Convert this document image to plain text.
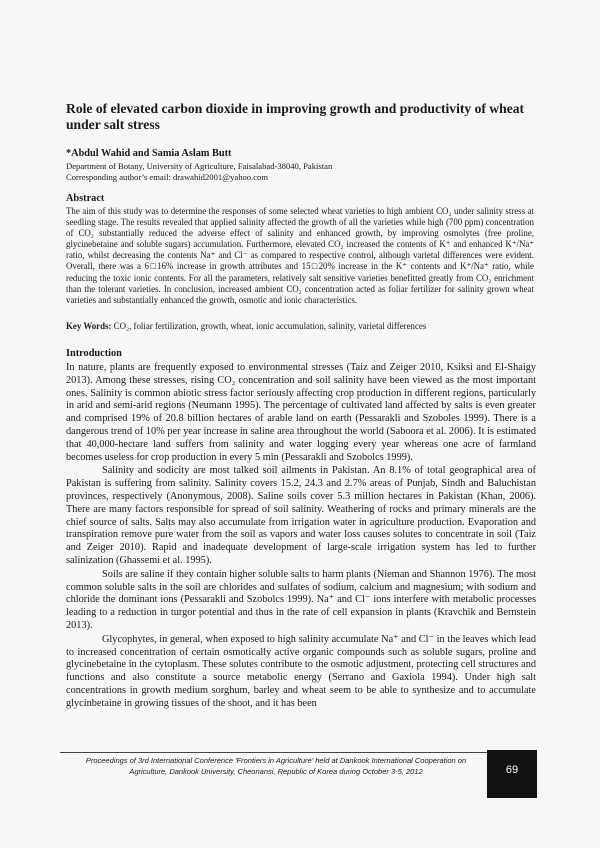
Role of elevated carbon dioxide in improving growth and productivity of wheat under salt stress
*Abdul Wahid and Samia Aslam Butt
Department of Botany, University of Agriculture, Faisalabad-38040, Pakistan
Corresponding author’s email: drawahid2001@yahoo.com
Abstract
The aim of this study was to determine the responses of some selected wheat varieties to high ambient CO₂ under salinity stress at seedling stage. The results revealed that applied salinity affected the growth of all the varieties while high (700 ppm) concentration of CO₂ substantially reduced the adverse effect of salinity and enhanced growth, by improving osmolytes (free proline, glycinebetaine and soluble sugars) accumulation. Furthermore, elevated CO₂ increased the contents of K⁺ and enhanced K⁺/Na⁺ ratio, whilst decreasing the contents Na⁺ and Cl⁻ as compared to respective control, although varietal differences were evident. Overall, there was a 6□16% increase in growth attributes and 15□20% increase in the K⁺ contents and K⁺/Na⁺ ratio, while reducing the toxic ionic contents. For all the parameters, relatively salt sensitive varieties benefitted greatly from CO₂ enrichment than the tolerant varieties. In conclusion, increased ambient CO₂ concentration acted as foliar fertilizer for salinity grown wheat varieties and substantially enhanced the growth, osmotic and ionic characteristics.
Key Words: CO₂, foliar fertilization, growth, wheat, ionic accumulation, salinity, varietal differences
Introduction

In nature, plants are frequently exposed to environmental stresses (Taiz and Zeiger 2010, Ksiksi and El-Shaigy 2013). Among these stresses, rising CO₂ concentration and soil salinity have been viewed as the most important ones. Salinity is common abiotic stress factor seriously affecting crop production in different regions, particularly in arid and semi-arid regions (Neumann 1995). The percentage of cultivated land affected by salts is even greater and comprised 19% of 20.8 billion hectares of arable land on earth (Pessarakli and Szoboles 1999). There is a dangerous trend of 10% per year increase in saline area throughout the world (Saboora et al. 2006). It is estimated that 40,000-hectare land suffers from salinity and water logging every year whereas one acre of farmland becomes useless for crop production in every 5 min (Pessarakli and Szobolcs 1999).

Salinity and sodicity are most talked soil ailments in Pakistan. An 8.1% of total geographical area of Pakistan is suffering from salinity. Salinity covers 15.2, 24.3 and 2.7% areas of Punjab, Sindh and Baluchistan provinces, respectively (Anonymous, 2008). Saline soils cover 5.3 million hectares in Pakistan (Khan, 2006). There are many factors responsible for spread of soil salinity. Weathering of rocks and primary minerals are the chief source of salts. Salts may also accumulate from irrigation water in agriculture production. Evaporation and transpiration remove pure water from the soil as vapors and water loss causes solutes to concentrate in soil (Taiz and Zeiger 2010). Rapid and inadequate development of large-scale irrigation system has led to further salinization (Ghassemi et al. 1995).

Soils are saline if they contain higher soluble salts to harm plants (Nieman and Shannon 1976). The most common soluble salts in the soil are chlorides and sulfates of sodium, calcium and magnesium; with sodium and chloride the dominant ions (Pessarakli and Szobolcs 1999). Na⁺ and Cl⁻ ions interfere with metabolic processes leading to a reduction in turgor potential and thus in the rate of cell expansion in plants (Kravchik and Bernstein 2013).

Glycophytes, in general, when exposed to high salinity accumulate Na⁺ and Cl⁻ in the leaves which lead to increased concentration of certain osmotically active organic compounds such as soluble sugars, proline and glycinebetaine in the cytoplasm. These solutes contribute to the osmotic adjustment, protecting cell structures and functions and also constitute a source metabolic energy (Serrano and Gaxiola 1994). Under high salt concentrations in growth medium sorghum, barley and wheat seem to be able to synthesize and to accumulate glycinbetaine in growing tissues of the shoot, and it has been

Proceedings of 3rd International Conference 'Frontiers in Agriculture' held at Dankook International Cooperation on
Agriculture, Dankook University, Cheonansi, Republic of Korea during October 3-5, 2012	69
